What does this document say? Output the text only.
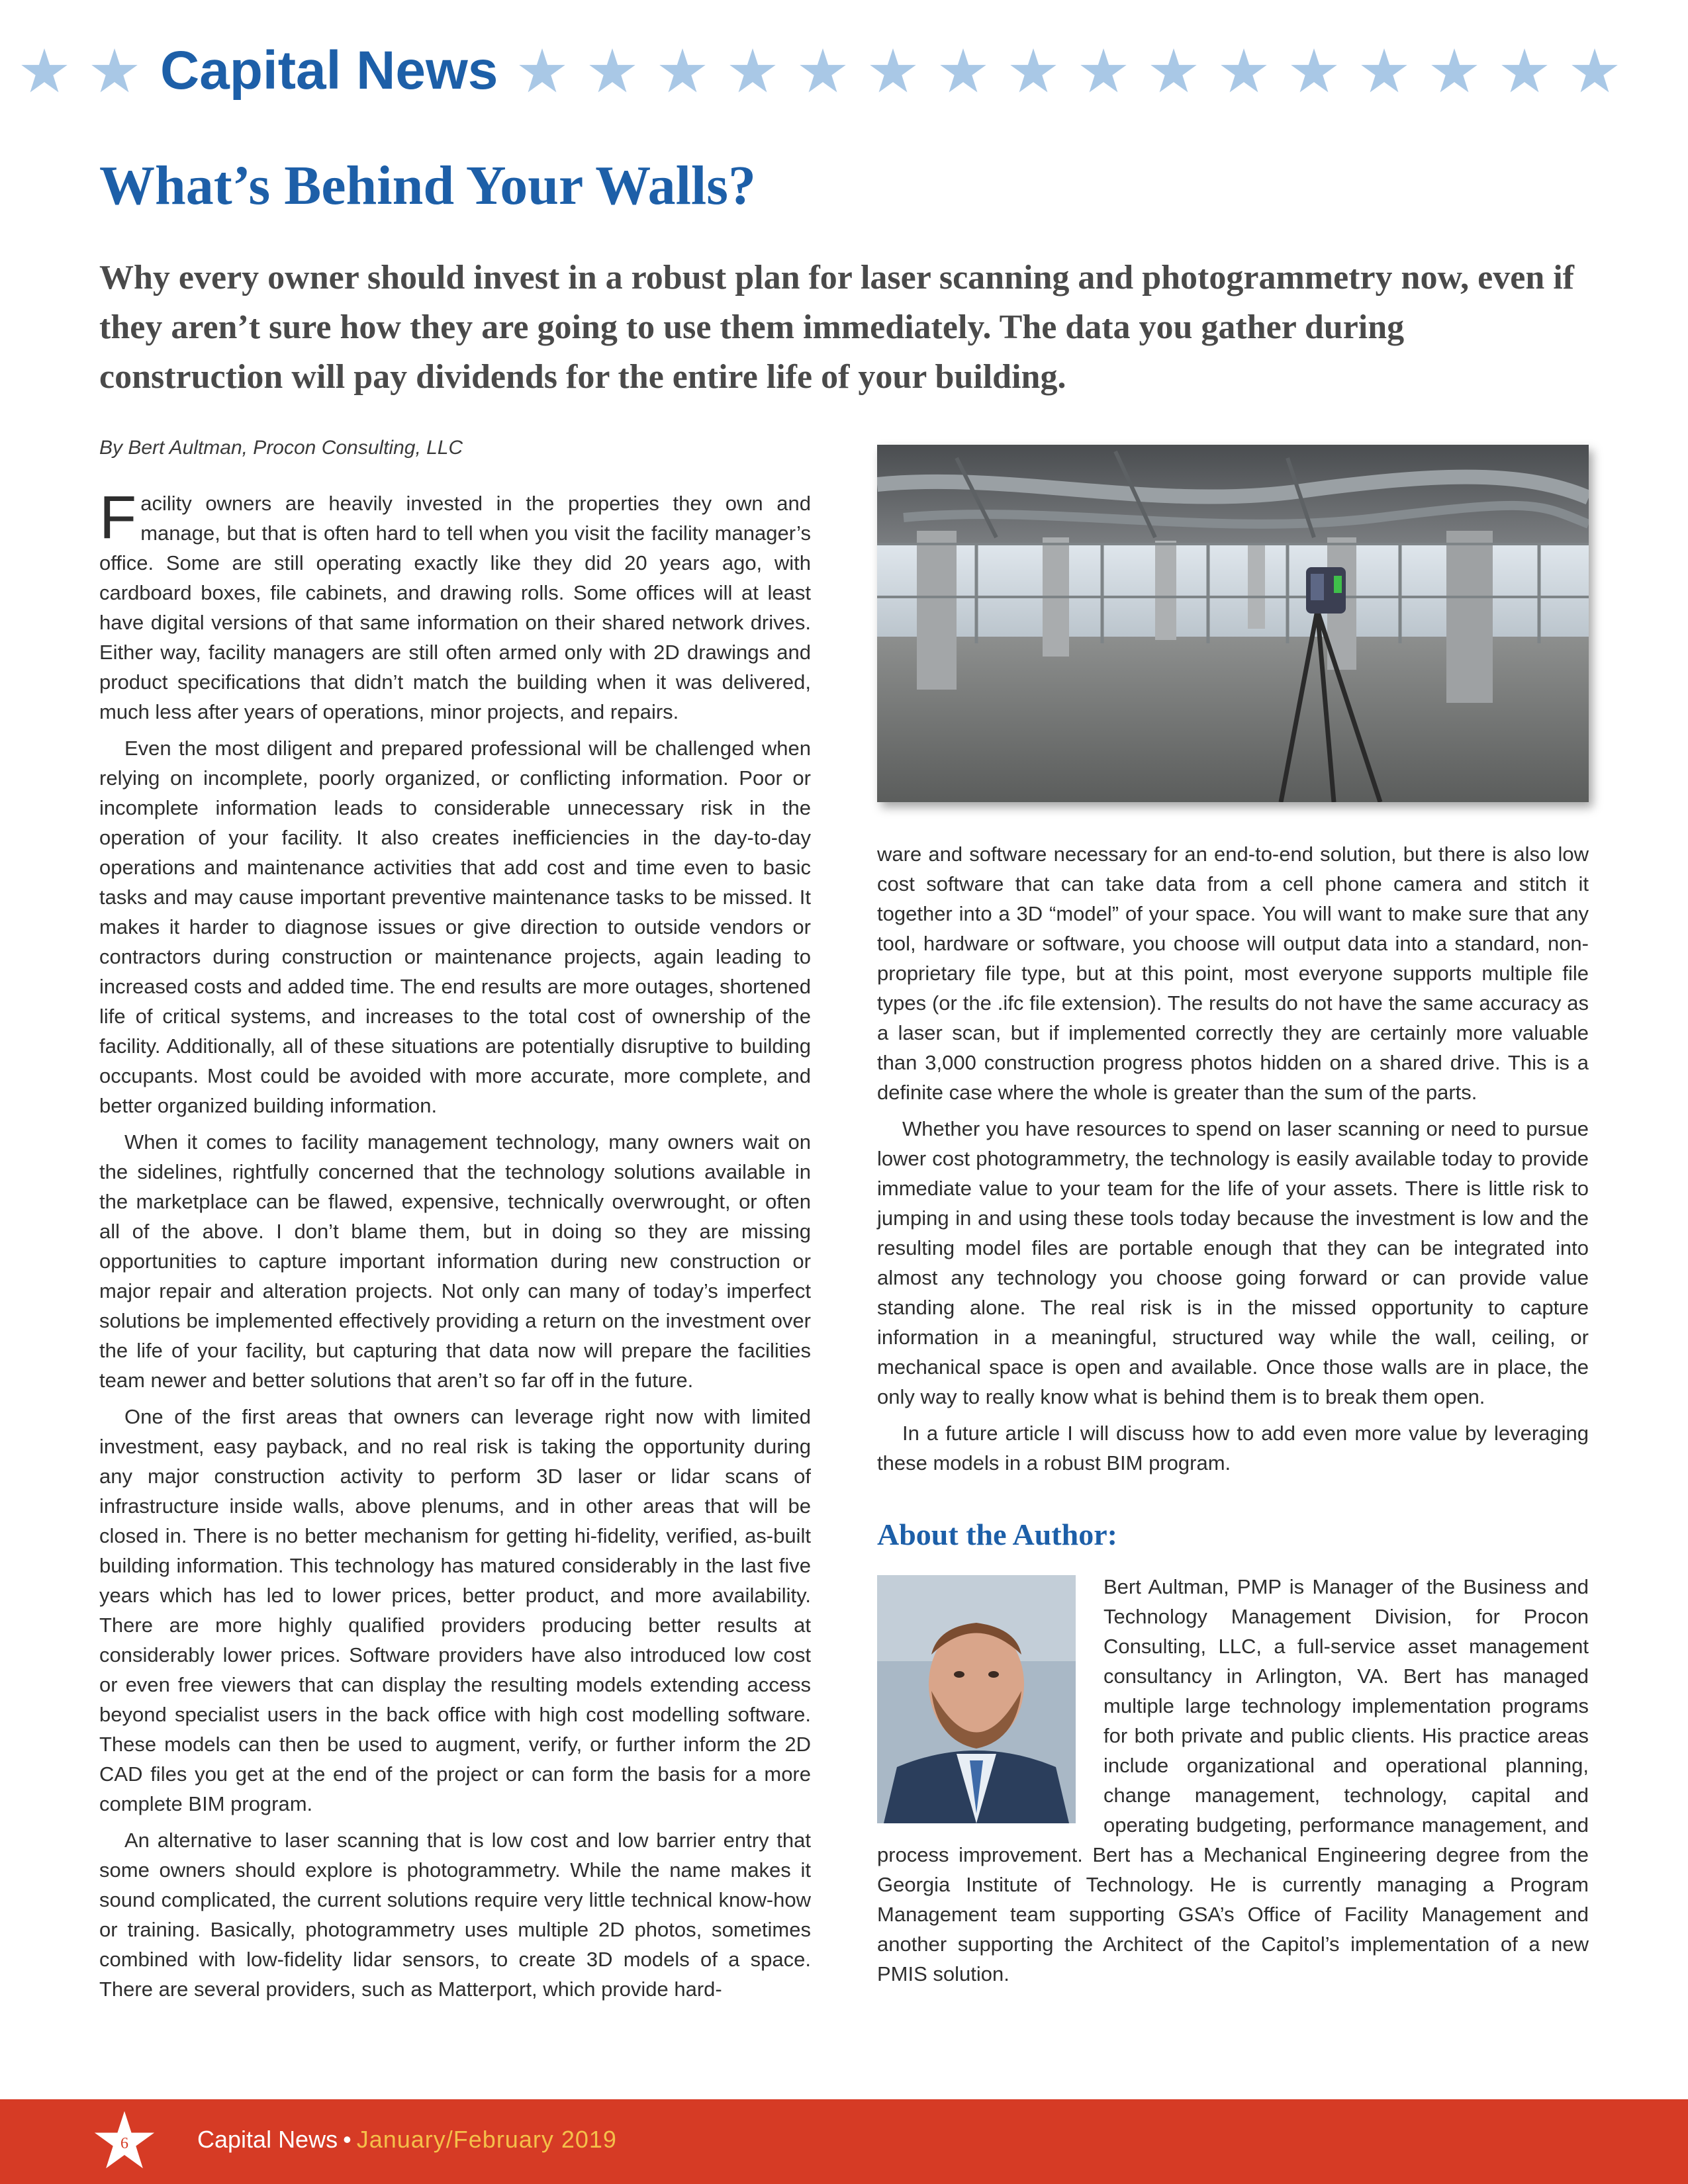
Capital News
What’s Behind Your Walls?

Why every owner should invest in a robust plan for laser scanning and photogrammetry now, even if they aren’t sure how they are going to use them immediately. The data you gather during construction will pay dividends for the entire life of your building.

By Bert Aultman, Procon Consulting, LLC

Facility owners are heavily invested in the properties they own and manage, but that is often hard to tell when you visit the facility manager’s office. Some are still operating exactly like they did 20 years ago, with cardboard boxes, file cabinets, and drawing rolls. Some offices will at least have digital versions of that same information on their shared network drives. Either way, facility managers are still often armed only with 2D drawings and product specifications that didn’t match the building when it was delivered, much less after years of operations, minor projects, and repairs.

Even the most diligent and prepared professional will be challenged when relying on incomplete, poorly organized, or conflicting information. Poor or incomplete information leads to considerable unnecessary risk in the operation of your facility. It also creates inefficiencies in the day-to-day operations and maintenance activities that add cost and time even to basic tasks and may cause important preventive maintenance tasks to be missed. It makes it harder to diagnose issues or give direction to outside vendors or contractors during construction or maintenance projects, again leading to increased costs and added time. The end results are more outages, shortened life of critical systems, and increases to the total cost of ownership of the facility. Additionally, all of these situations are potentially disruptive to building occupants. Most could be avoided with more accurate, more complete, and better organized building information.

When it comes to facility management technology, many owners wait on the sidelines, rightfully concerned that the technology solutions available in the marketplace can be flawed, expensive, technically overwrought, or often all of the above. I don’t blame them, but in doing so they are missing opportunities to capture important information during new construction or major repair and alteration projects. Not only can many of today’s imperfect solutions be implemented effectively providing a return on the investment over the life of your facility, but capturing that data now will prepare the facilities team newer and better solutions that aren’t so far off in the future.

One of the first areas that owners can leverage right now with limited investment, easy payback, and no real risk is taking the opportunity during any major construction activity to perform 3D laser or lidar scans of infrastructure inside walls, above plenums, and in other areas that will be closed in. There is no better mechanism for getting hi-fidelity, verified, as-built building information. This technology has matured considerably in the last five years which has led to lower prices, better product, and more availability. There are more highly qualified providers producing better results at considerably lower prices. Software providers have also introduced low cost or even free viewers that can display the resulting models extending access beyond specialist users in the back office with high cost modelling software. These models can then be used to augment, verify, or further inform the 2D CAD files you get at the end of the project or can form the basis for a more complete BIM program.

An alternative to laser scanning that is low cost and low barrier entry that some owners should explore is photogrammetry. While the name makes it sound complicated, the current solutions require very little technical know-how or training. Basically, photogrammetry uses multiple 2D photos, sometimes combined with low-fidelity lidar sensors, to create 3D models of a space. There are several providers, such as Matterport, which provide hard-

ware and software necessary for an end-to-end solution, but there is also low cost software that can take data from a cell phone camera and stitch it together into a 3D “model” of your space. You will want to make sure that any tool, hardware or software, you choose will output data into a standard, non-proprietary file type, but at this point, most everyone supports multiple file types (or the .ifc file extension). The results do not have the same accuracy as a laser scan, but if implemented correctly they are certainly more valuable than 3,000 construction progress photos hidden on a shared drive. This is a definite case where the whole is greater than the sum of the parts.

Whether you have resources to spend on laser scanning or need to pursue lower cost photogrammetry, the technology is easily available today to provide immediate value to your team for the life of your assets. There is little risk to jumping in and using these tools today because the investment is low and the resulting model files are portable enough that they can be integrated into almost any technology you choose going forward or can provide value standing alone. The real risk is in the missed opportunity to capture information in a meaningful, structured way while the wall, ceiling, or mechanical space is open and available. Once those walls are in place, the only way to really know what is behind them is to break them open.

In a future article I will discuss how to add even more value by leveraging these models in a robust BIM program.

About the Author:

Bert Aultman, PMP is Manager of the Business and Technology Management Division, for Procon Consulting, LLC, a full-service asset management consultancy in Arlington, VA. Bert has managed multiple large technology implementation programs for both private and public clients. His practice areas include organizational and operational planning, change management, technology, capital and operating budgeting, performance management, and process improvement. Bert has a Mechanical Engineering degree from the Georgia Institute of Technology. He is currently managing a Program Management team supporting GSA’s Office of Facility Management and another supporting the Architect of the Capitol’s implementation of a new PMIS solution.

6	Capital News • January/February 2019
